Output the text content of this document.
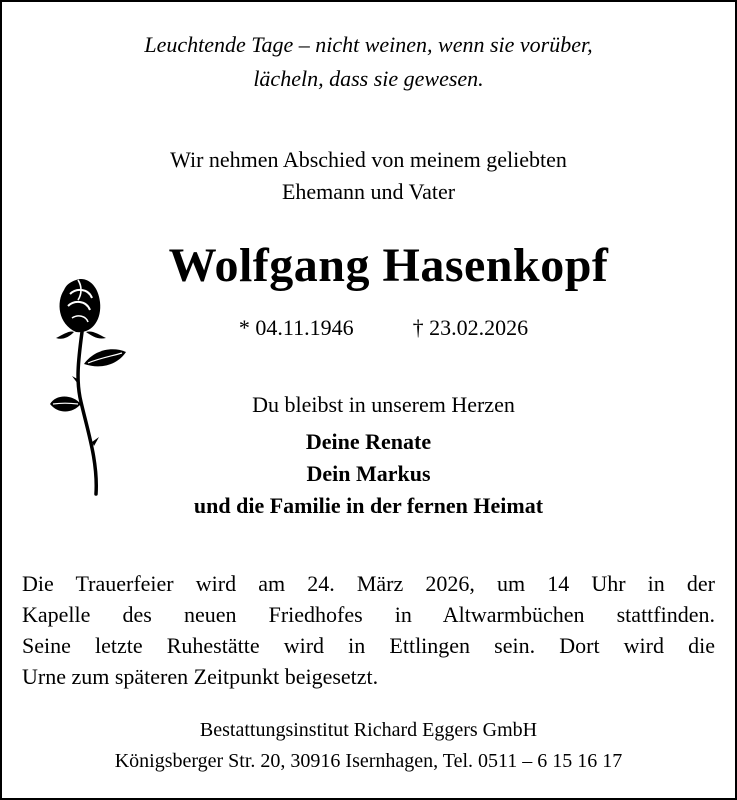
Leuchtende Tage – nicht weinen, wenn sie vorüber,
lächeln, dass sie gewesen.
Wir nehmen Abschied von meinem geliebten
Ehemann und Vater
Wolfgang Hasenkopf
* 04.11.1946	† 23.02.2026
Du bleibst in unserem Herzen
Deine Renate
Dein Markus
und die Familie in der fernen Heimat
Die Trauerfeier wird am 24. März 2026, um 14 Uhr in der
Kapelle des neuen Friedhofes in Altwarmbüchen stattfinden.
Seine letzte Ruhestätte wird in Ettlingen sein. Dort wird die
Urne zum späteren Zeitpunkt beigesetzt.
Bestattungsinstitut Richard Eggers GmbH
Königsberger Str. 20, 30916 Isernhagen, Tel. 0511 – 6 15 16 17
